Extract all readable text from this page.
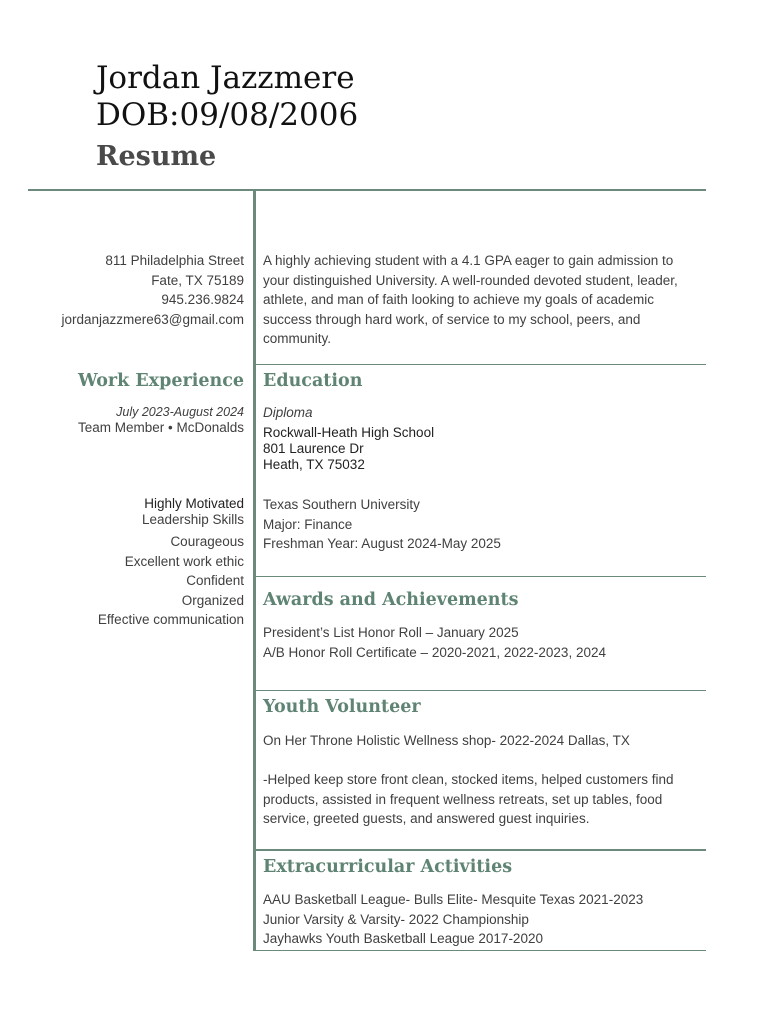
Jordan Jazzmere
DOB:09/08/2006
Resume
811 Philadelphia Street
Fate, TX 75189
945.236.9824
jordanjazzmere63@gmail.com
Work Experience
July 2023-August 2024
Team Member • McDonalds
Highly Motivated
Leadership Skills
Courageous
Excellent work ethic
Confident
Organized
Effective communication
A highly achieving student with a 4.1 GPA eager to gain admission to your distinguished University. A well-rounded devoted student, leader, athlete, and man of faith looking to achieve my goals of academic success through hard work, of service to my school, peers, and community.
Education
Diploma
Rockwall-Heath High School
801 Laurence Dr
Heath, TX 75032
Texas Southern University
Major: Finance
Freshman Year: August 2024-May 2025
Awards and Achievements
President’s List Honor Roll – January 2025
A/B Honor Roll Certificate – 2020-2021, 2022-2023, 2024
Youth Volunteer
On Her Throne Holistic Wellness shop- 2022-2024 Dallas, TX
-Helped keep store front clean, stocked items, helped customers find products, assisted in frequent wellness retreats, set up tables, food service, greeted guests, and answered guest inquiries.
Extracurricular Activities
AAU Basketball League- Bulls Elite- Mesquite Texas 2021-2023
Junior Varsity & Varsity- 2022 Championship
Jayhawks Youth Basketball League 2017-2020
